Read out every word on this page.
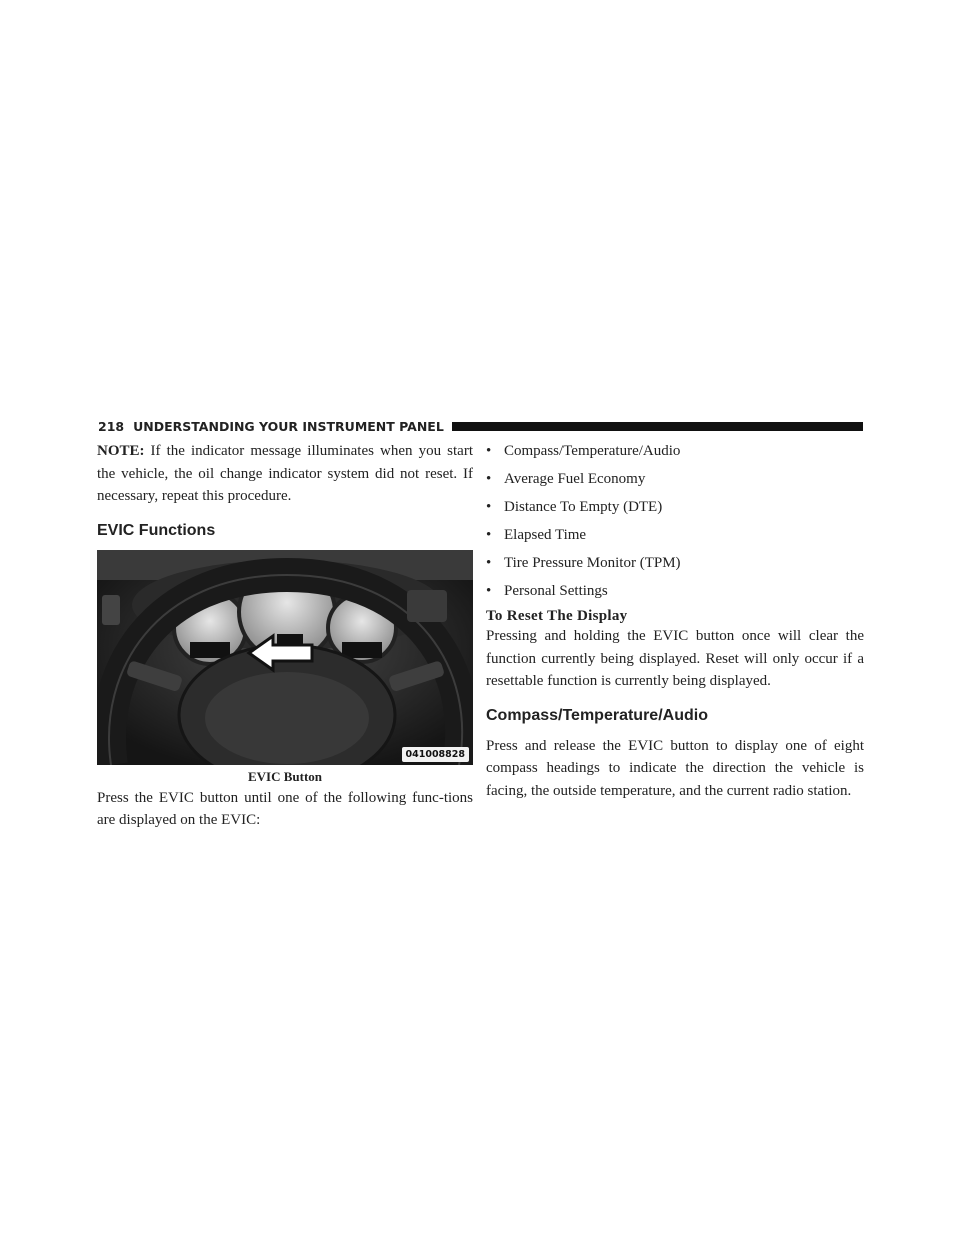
218 UNDERSTANDING YOUR INSTRUMENT PANEL

NOTE: If the indicator message illuminates when you start the vehicle, the oil change indicator system did not reset. If necessary, repeat this procedure.

EVIC Functions
041008828
EVIC Button

Press the EVIC button until one of the following func-tions are displayed on the EVIC:

• Compass/Temperature/Audio
• Average Fuel Economy
• Distance To Empty (DTE)
• Elapsed Time
• Tire Pressure Monitor (TPM)
• Personal Settings
To Reset The Display

Pressing and holding the EVIC button once will clear the function currently being displayed. Reset will only occur if a resettable function is currently being displayed.

Compass/Temperature/Audio

Press and release the EVIC button to display one of eight compass headings to indicate the direction the vehicle is facing, the outside temperature, and the current radio station.
